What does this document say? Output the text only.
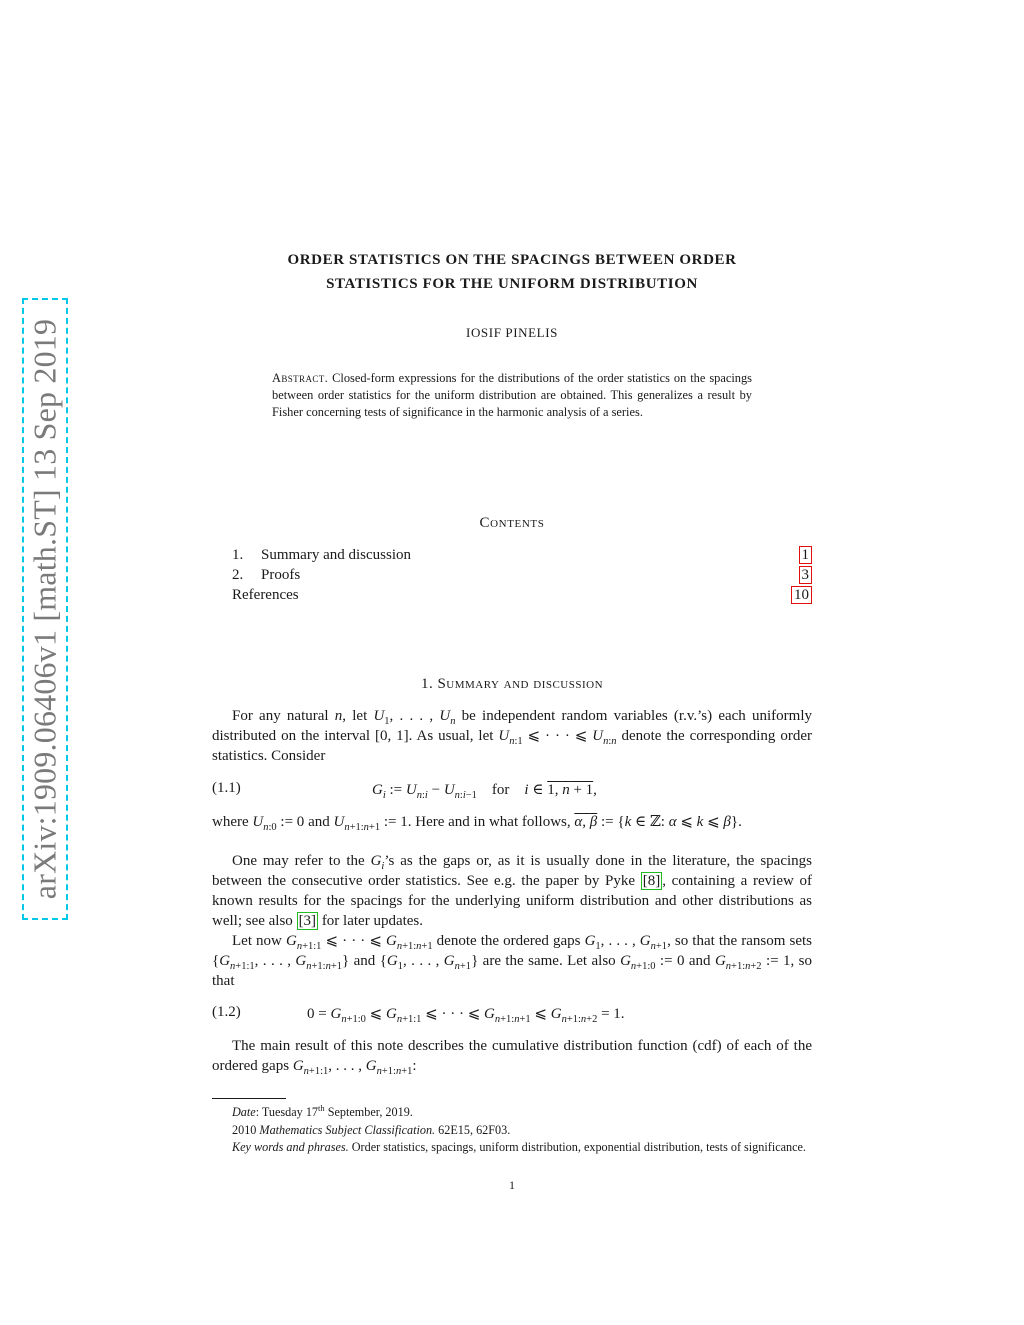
arXiv:1909.06406v1 [math.ST] 13 Sep 2019
ORDER STATISTICS ON THE SPACINGS BETWEEN ORDER
STATISTICS FOR THE UNIFORM DISTRIBUTION
IOSIF PINELIS
Abstract. Closed-form expressions for the distributions of the order statistics on the spacings between order statistics for the uniform distribution are obtained. This generalizes a result by Fisher concerning tests of significance in the harmonic analysis of a series.
Contents
1. Summary and discussion	1
2. Proofs	3
References	10
1. Summary and discussion
For any natural n, let $U_1$, . . . , $U_n$ be independent random variables (r.v.’s) each uniformly distributed on the interval [0, 1]. As usual, let $U_{n:1}$ ⩽ · · · ⩽ $U_{n:n}$ denote the corresponding order statistics. Consider
(1.1)	$G_i$ := $U_{n:i} - U_{n:i-1}$ for i ∈ 1, n + 1,
where $U_{n:0}$ := 0 and $U_{n+1:n+1}$ := 1. Here and in what follows, α, β := {k ∈ ℤ: α ⩽ k ⩽ β}.
One may refer to the $G_i’s$ as the gaps or, as it is usually done in the literature, the spacings between the consecutive order statistics. See e.g. the paper by Pyke [8] , containing a review of known results for the spacings for the underlying uniform distribution and other distributions as well; see also [3] for later updates.
Let now $G_{n+1:1}$ ⩽ · · · ⩽ $G_{n+1:n+1}$ denote the ordered gaps $G_1$, . . . , $G_{n+1}$, so that the ransom sets {$G_{n+1:1}$, . . . , $G_{n+1:n+1}$} and {$G_1$, . . . , $G_{n+1}$} are the same. Let also $G_{n+1:0}$ := 0 and $G_{n+1:n+2}$ := 1, so that
(1.2)	$0 = G_{n+1:0}$ ⩽ $G_{n+1:1}$ ⩽ · · · ⩽ $G_{n+1:n+1}$ ⩽ $G_{n+1:n+2} = 1$.
The main result of this note describes the cumulative distribution function (cdf) of each of the ordered gaps $G_{n+1:1}$, . . . , $G_{n+1:n+1}$:
Date: Tuesday 17th September, 2019.
2010 Mathematics Subject Classification. 62E15, 62F03.
Key words and phrases. Order statistics, spacings, uniform distribution, exponential distribution, tests of significance.
1
